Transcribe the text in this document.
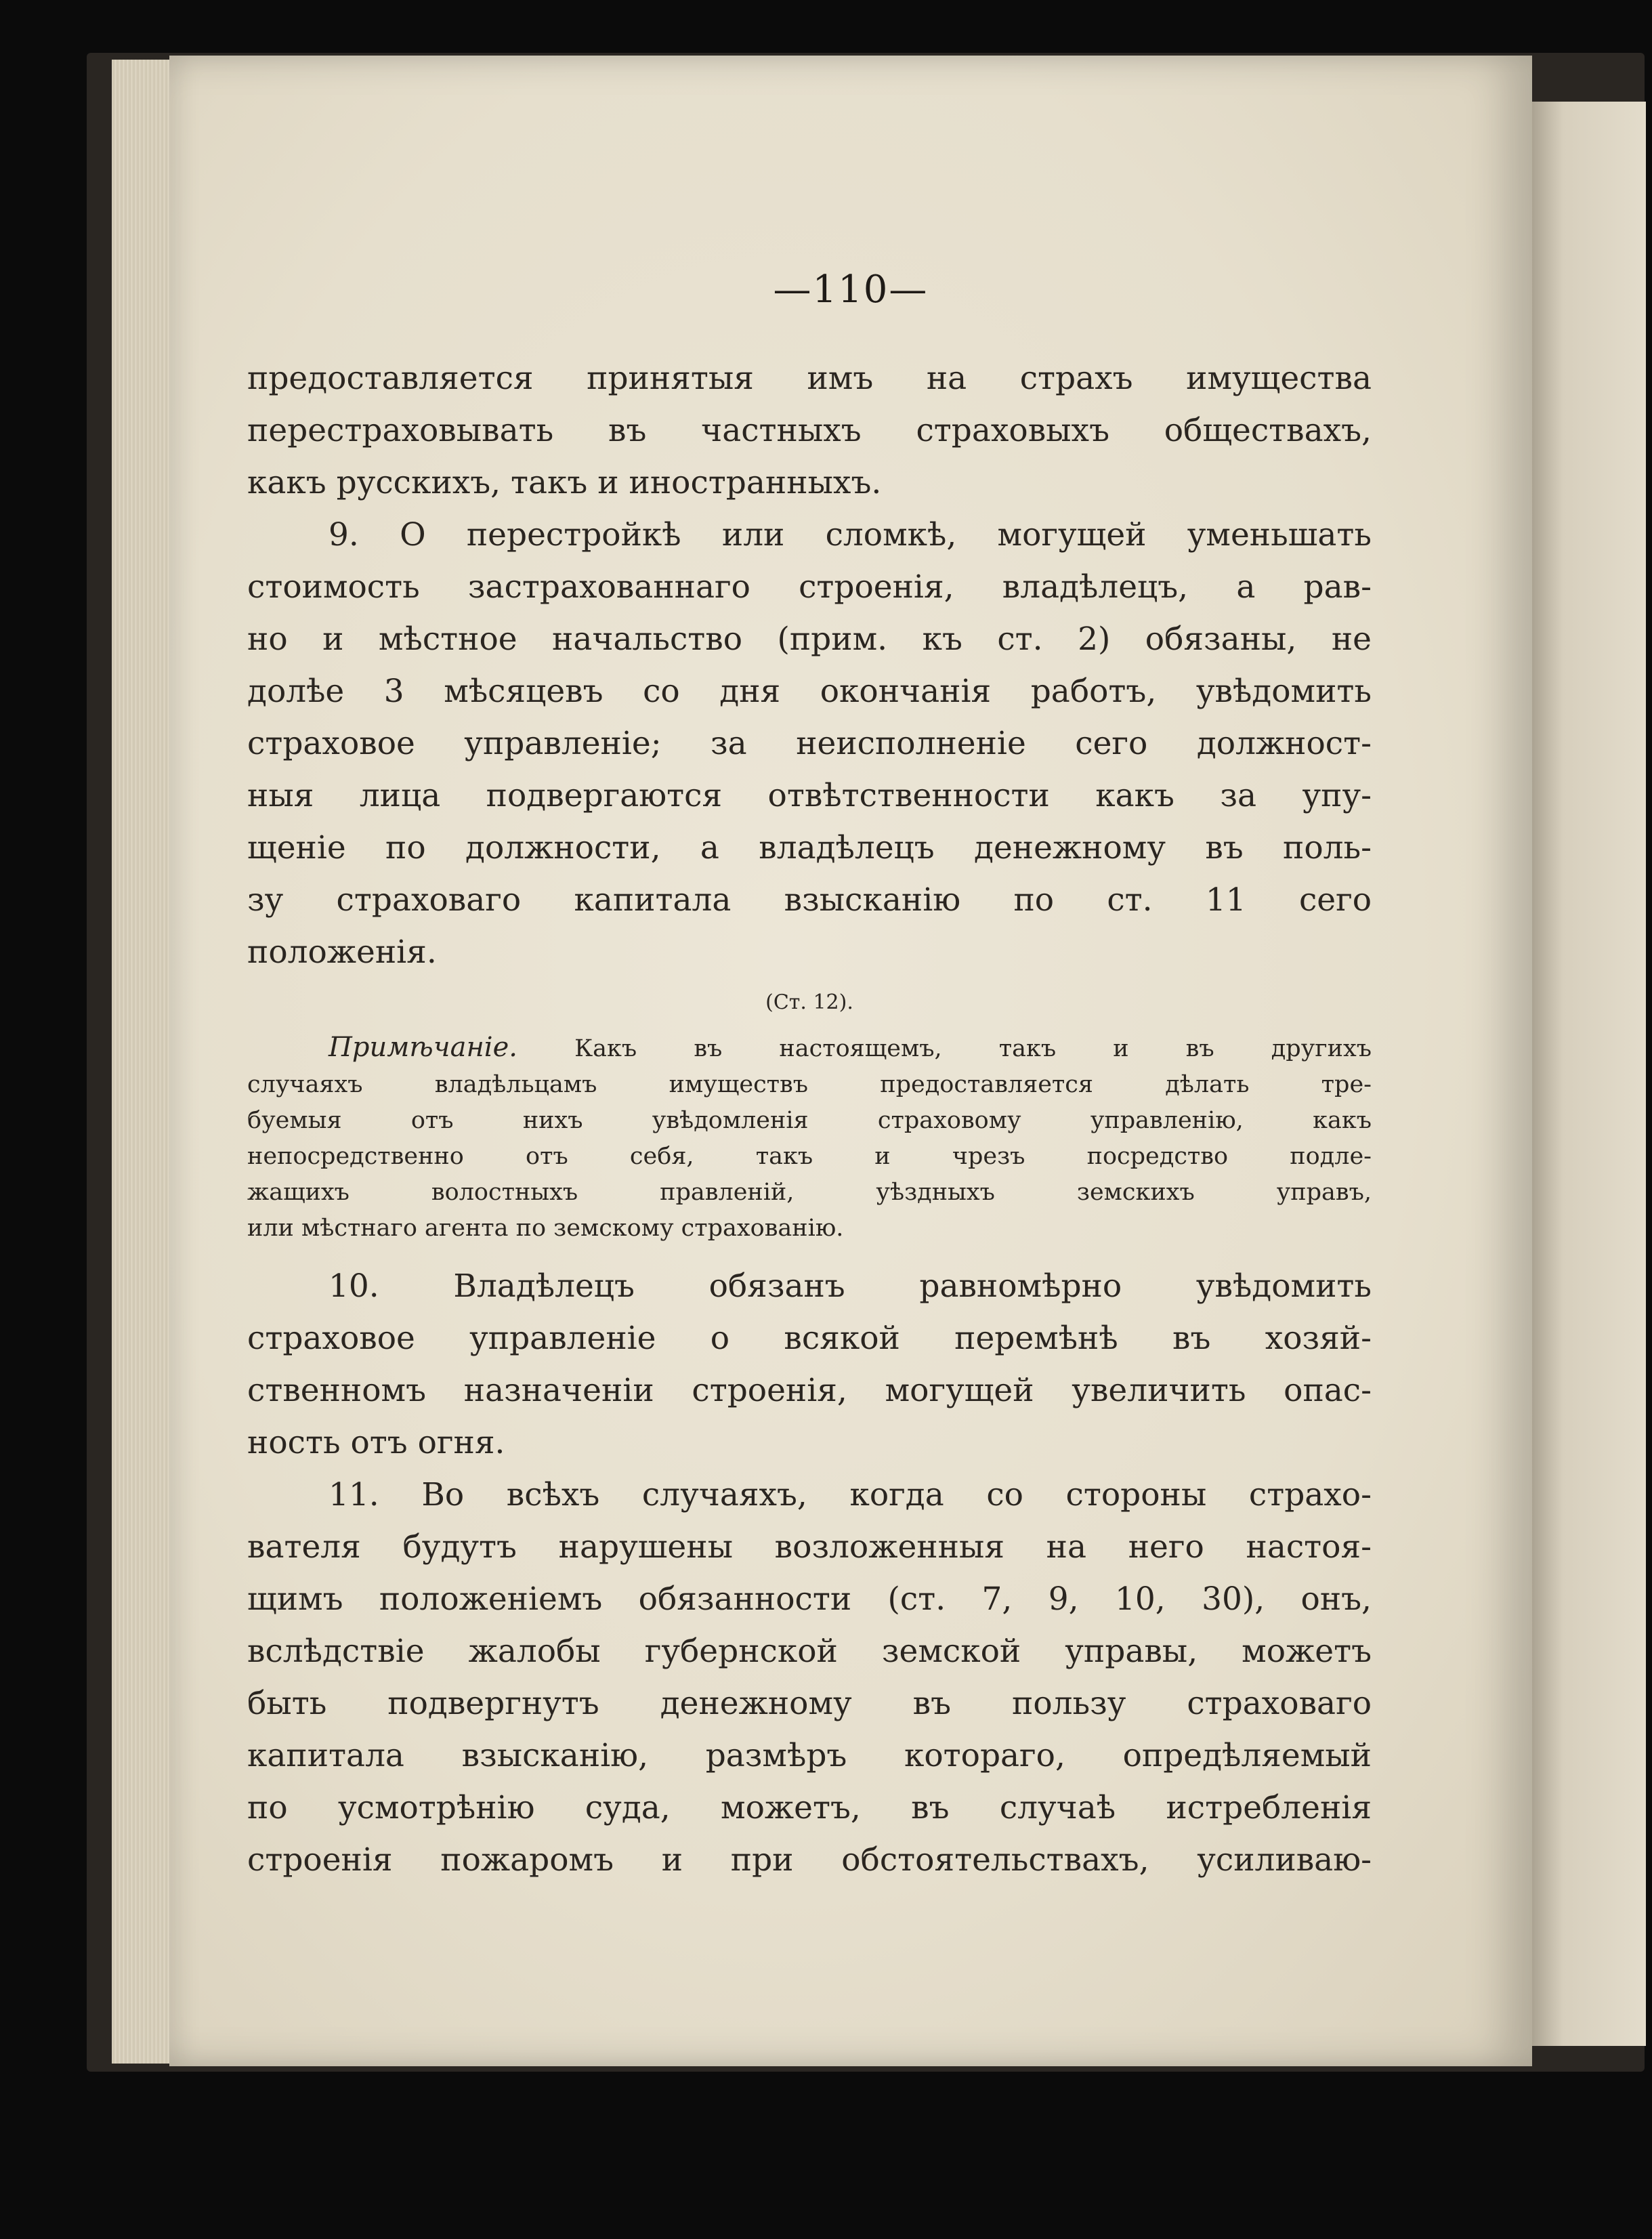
—110—
предоставляется принятыя имъ на страхъ имущества
перестраховывать въ частныхъ страховыхъ обществахъ,
какъ русскихъ, такъ и иностранныхъ.
9. О перестройкѣ или сломкѣ, могущей уменьшать
стоимость застрахованнаго строенія, владѣлецъ, а рав-
но и мѣстное начальство (прим. къ ст. 2) обязаны, не
долѣе 3 мѣсяцевъ со дня окончанія работъ, увѣдомить
страховое управленіе; за неисполненіе сего должност-
ныя лица подвергаются отвѣтственности какъ за упу-
щеніе по должности, а владѣлецъ денежному въ поль-
зу страховаго капитала взысканію по ст. 11 сего
положенія.
(Ст. 12).
Примѣчаніе. Какъ въ настоящемъ, такъ и въ другихъ
случаяхъ владѣльцамъ имуществъ предоставляется дѣлать тре-
буемыя отъ нихъ увѣдомленія страховому управленію, какъ
непосредственно отъ себя, такъ и чрезъ посредство подле-
жащихъ волостныхъ правленій, уѣздныхъ земскихъ управъ,
или мѣстнаго агента по земскому страхованію.
10. Владѣлецъ обязанъ равномѣрно увѣдомить
страховое управленіе о всякой перемѣнѣ въ хозяй-
ственномъ назначеніи строенія, могущей увеличить опас-
ность отъ огня.
11. Во всѣхъ случаяхъ, когда со стороны страхо-
вателя будутъ нарушены возложенныя на него настоя-
щимъ положеніемъ обязанности (ст. 7, 9, 10, 30), онъ,
вслѣдствіе жалобы губернской земской управы, можетъ
быть подвергнутъ денежному въ пользу страховаго
капитала взысканію, размѣръ котораго, опредѣляемый
по усмотрѣнію суда, можетъ, въ случаѣ истребленія
строенія пожаромъ и при обстоятельствахъ, усиливаю-
